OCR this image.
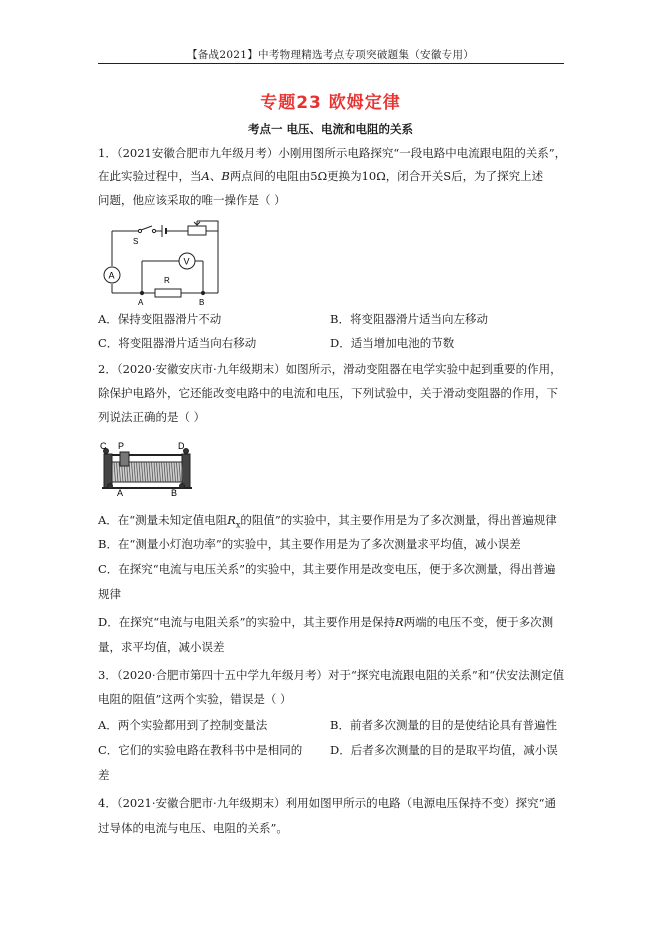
【备战2021】中考物理精选考点专项突破题集（安徽专用）
专题23 欧姆定律
考点一 电压、电流和电阻的关系
1．（2021安徽合肥市九年级月考）小刚用图所示电路探究“一段电路中电流跟电阻的关系”，
在此实验过程中，当A、B两点间的电阻由5Ω更换为10Ω，闭合开关S后，为了探究上述
问题，他应该采取的唯一操作是（ ）
S
A
V
R
A	B
A．保持变阻器滑片不动	B．将变阻器滑片适当向左移动
C．将变阻器滑片适当向右移动	D．适当增加电池的节数
2．（2020·安徽安庆市·九年级期末）如图所示，滑动变阻器在电学实验中起到重要的作用，
除保护电路外，它还能改变电路中的电流和电压，下列试验中，关于滑动变阻器的作用，下
列说法正确的是（ ）
C P	D
A	B
A．在“测量未知定值电阻$R_x$的阻值”的实验中，其主要作用是为了多次测量，得出普遍规律
B．在“测量小灯泡功率”的实验中，其主要作用是为了多次测量求平均值，减小误差
C．在探究“电流与电压关系”的实验中，其主要作用是改变电压，便于多次测量，得出普遍
规律
D．在探究“电流与电阻关系”的实验中，其主要作用是保持R两端的电压不变，便于多次测
量，求平均值，减小误差
3．（2020·合肥市第四十五中学九年级月考）对于“探究电流跟电阻的关系”和“伏安法测定值
电阻的阻值”这两个实验，错误是（ ）
A．两个实验都用到了控制变量法	B．前者多次测量的目的是使结论具有普遍性
C．它们的实验电路在教科书中是相同的 D．后者多次测量的目的是取平均值，减小误
差
4．（2021·安徽合肥市·九年级期末）利用如图甲所示的电路（电源电压保持不变）探究“通
过导体的电流与电压、电阻的关系”。
